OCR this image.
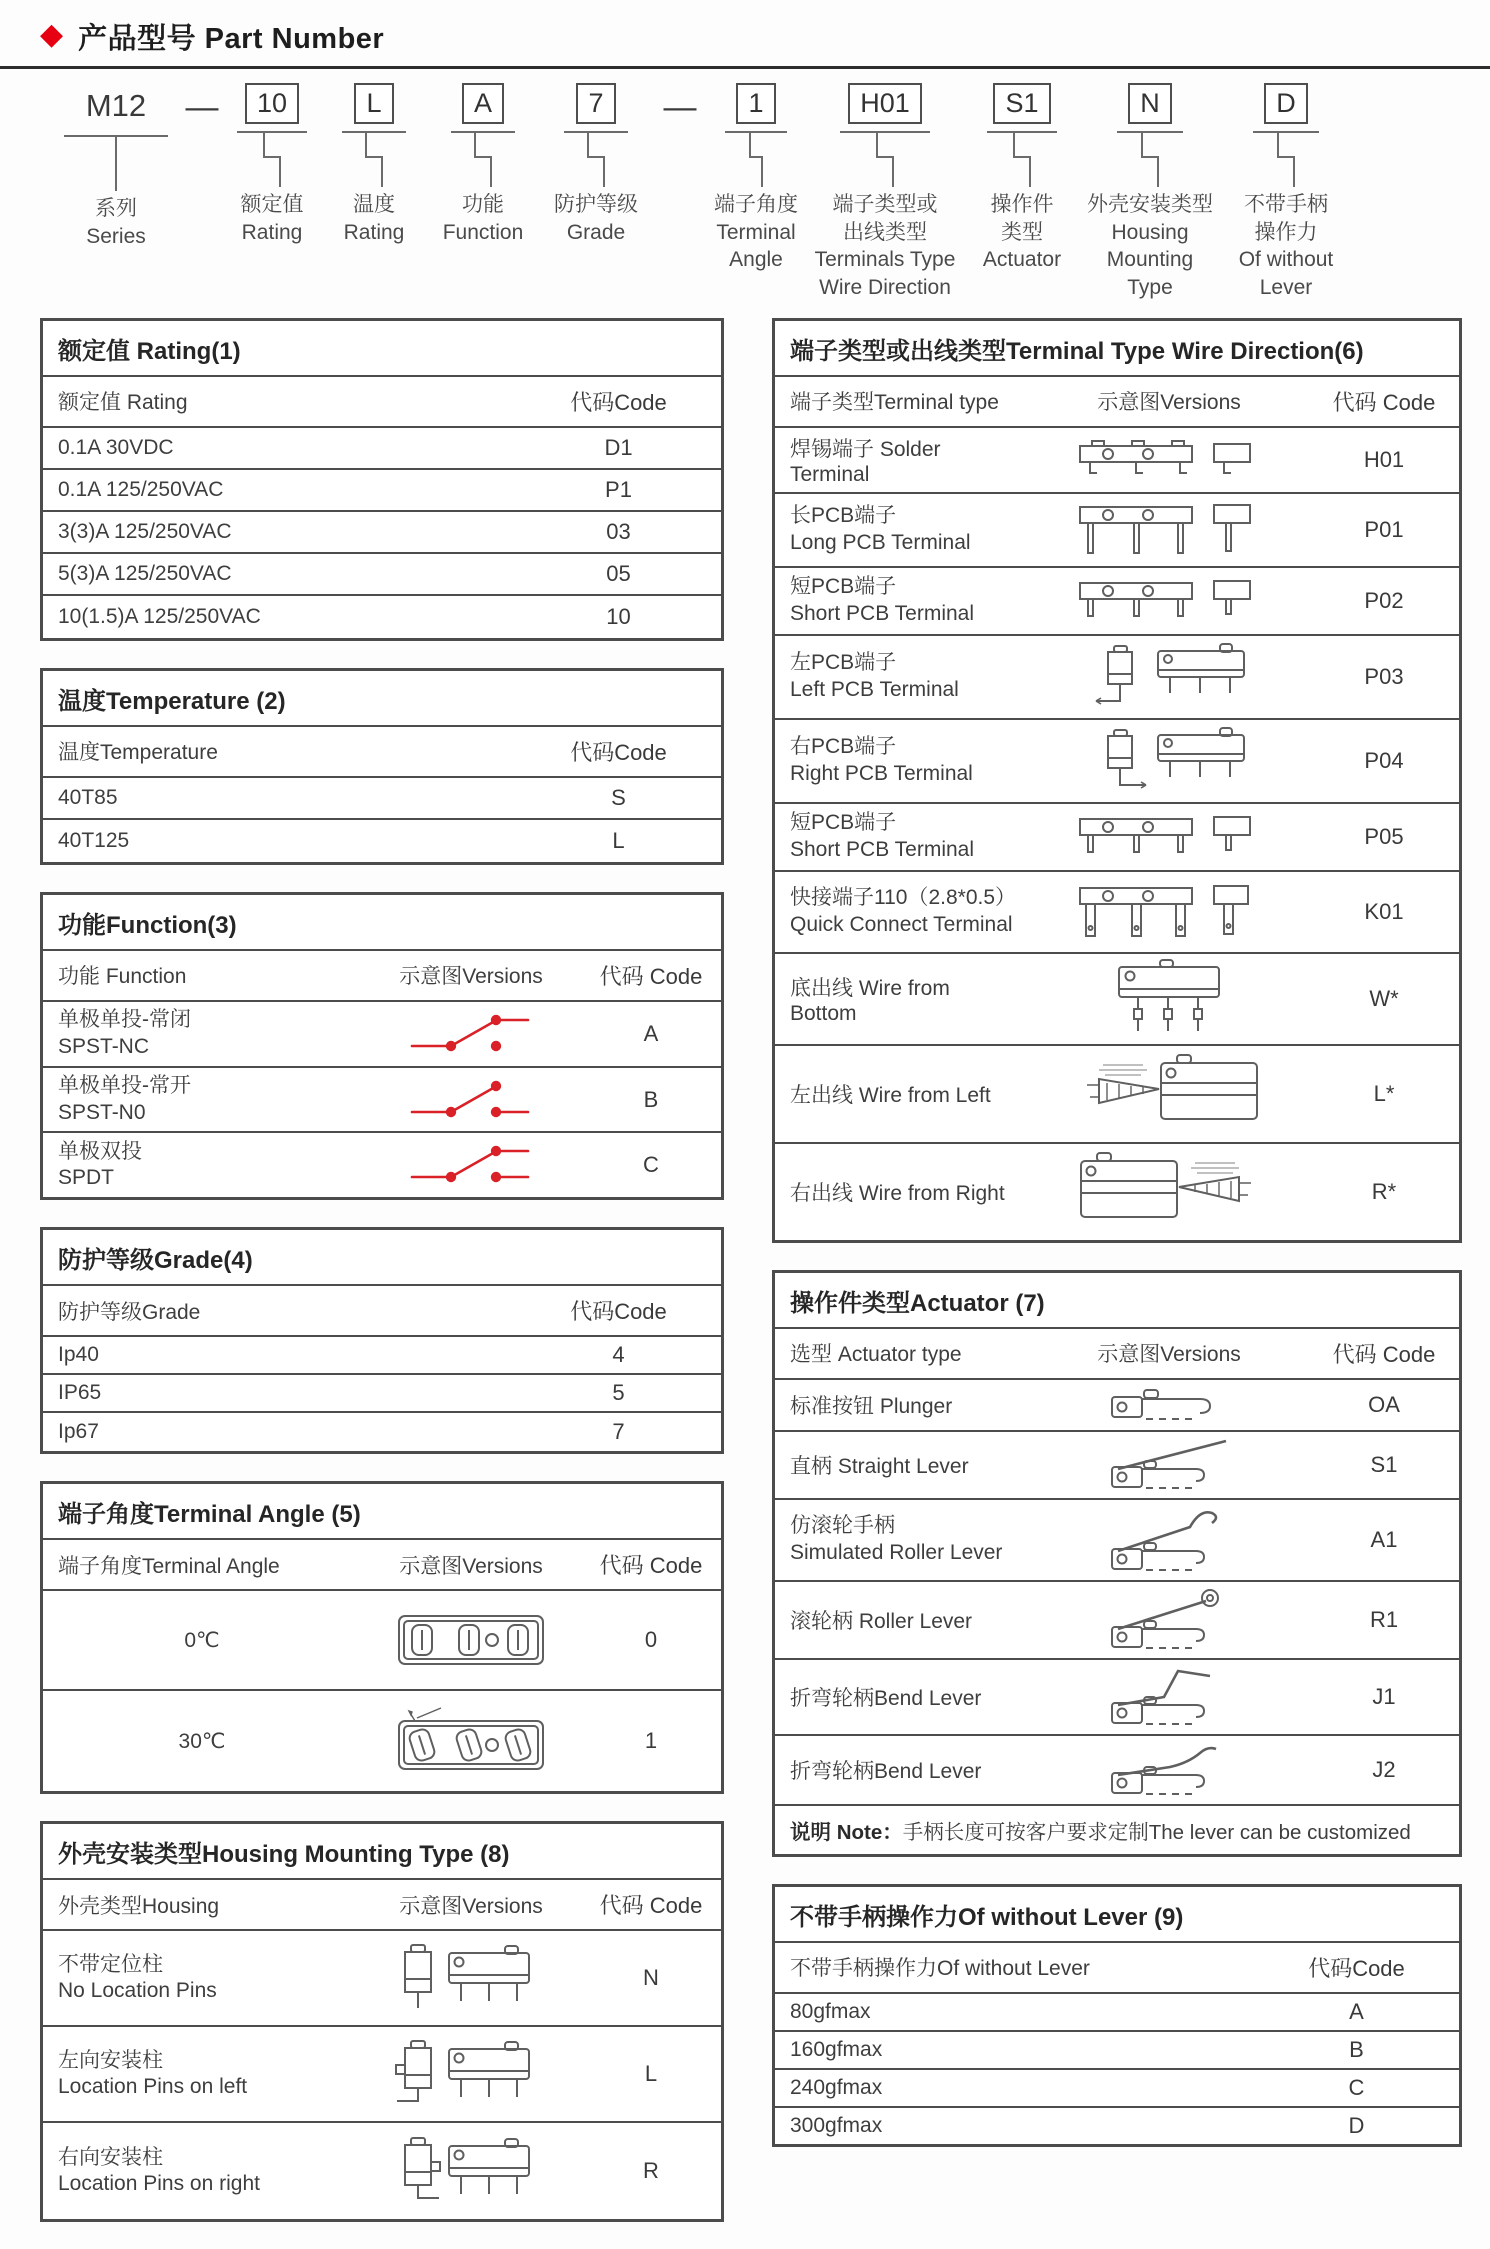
◆ 产品型号 Part Number
M12
系列
Series
—	10
额定值
Rating
L
温度
Rating
A
功能
Function
7
防护等级
Grade
—	1
端子角度
Terminal
Angle
H01
端子类型或
出线类型
Terminals Type
Wire Direction
S1
操作件
类型
Actuator
N
外壳安装类型
Housing
Mounting
Type
D
不带手柄
操作力
Of without
Lever
额定值 Rating(1)
额定值 Rating	代码Code
0.1A 30VDC	D1
0.1A 125/250VAC	P1
3(3)A 125/250VAC	03
5(3)A 125/250VAC	05
10(1.5)A 125/250VAC	10
温度Temperature (2)
温度Temperature	代码Code
40T85	S
40T125	L
功能Function(3)
功能 Function	示意图Versions	代码 Code
单极单投-常闭
SPST-NC
A
单极单投-常开
SPST-N0
B
单极双投
SPDT
C
防护等级Grade(4)
防护等级Grade	代码Code
Ip40	4
IP65	5
Ip67	7
端子角度Terminal Angle (5)
端子角度Terminal Angle	示意图Versions	代码 Code
0℃	0
30℃	1
外壳安装类型Housing Mounting Type (8)
外壳类型Housing	示意图Versions	代码 Code
不带定位柱
No Location Pins
N
左向安装柱
Location Pins on left
L
右向安装柱
Location Pins on right
R
端子类型或出线类型Terminal Type Wire Direction(6)
端子类型Terminal type	示意图Versions	代码 Code
焊锡端子 Solder Terminal
H01
长PCB端子
Long PCB Terminal
P01
短PCB端子
Short PCB Terminal
P02
左PCB端子
Left PCB Terminal
P03
右PCB端子
Right PCB Terminal
P04
短PCB端子
Short PCB Terminal
P05
快接端子110（2.8*0.5）
Quick Connect Terminal
K01
底出线 Wire from Bottom
W*
左出线 Wire from Left	L*
右出线 Wire from Right	R*
操作件类型Actuator (7)
选型 Actuator type	示意图Versions	代码 Code
标准按钮 Plunger	OA
直柄 Straight Lever	S1
仿滚轮手柄
Simulated Roller Lever
A1
滚轮柄 Roller Lever	R1
折弯轮柄Bend Lever	J1
折弯轮柄Bend Lever	J2
说明 Note：手柄长度可按客户要求定制The lever can be customized
不带手柄操作力Of without Lever (9)
不带手柄操作力Of without Lever	代码Code
80gfmax	A
160gfmax	B
240gfmax	C
300gfmax	D
